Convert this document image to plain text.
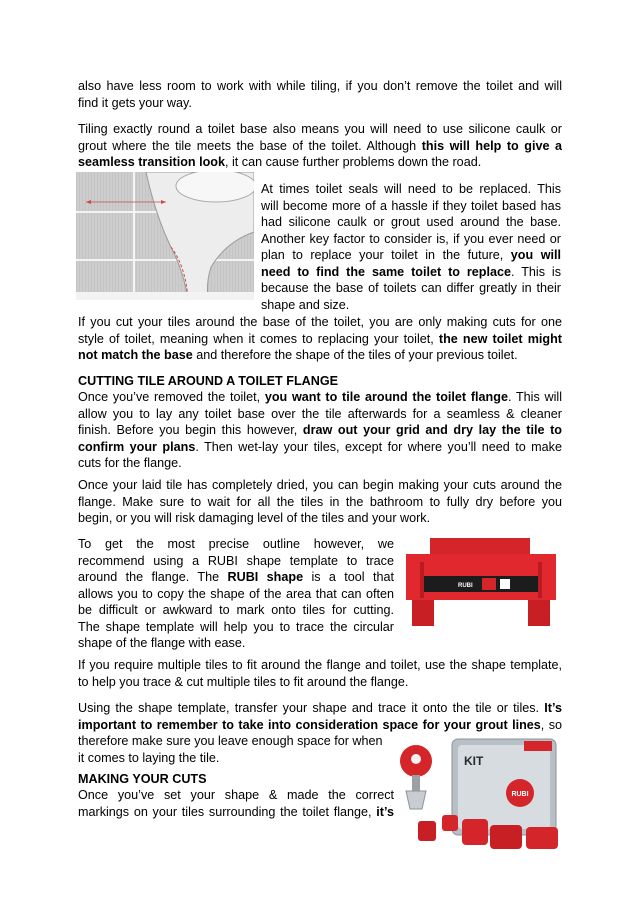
also have less room to work with while tiling, if you don’t remove the toilet and will
find it gets your way.
Tiling exactly round a toilet base also means you will need to use silicone caulk or
grout where the tile meets the base of the toilet. Although this will help to give a
seamless transition look, it can cause further problems down the road.
At times toilet seals will need to be replaced. This
will become more of a hassle if they toilet based has
had silicone caulk or grout used around the base.
Another key factor to consider is, if you ever need or
plan to replace your toilet in the future, you will
need to find the same toilet to replace. This is
because the base of toilets can differ greatly in their
shape and size.
If you cut your tiles around the base of the toilet, you are only making cuts for one
style of toilet, meaning when it comes to replacing your toilet, the new toilet might
not match the base and therefore the shape of the tiles of your previous toilet.
CUTTING TILE AROUND A TOILET FLANGE
Once you’ve removed the toilet, you want to tile around the toilet flange. This will
allow you to lay any toilet base over the tile afterwards for a seamless & cleaner
finish. Before you begin this however, draw out your grid and dry lay the tile to
confirm your plans. Then wet-lay your tiles, except for where you’ll need to make
cuts for the flange.
Once your laid tile has completely dried, you can begin making your cuts around the
flange. Make sure to wait for all the tiles in the bathroom to fully dry before you
begin, or you will risk damaging level of the tiles and your work.
To get the most precise outline however, we
recommend using a RUBI shape template to trace
around the flange. The RUBI shape is a tool that
allows you to copy the shape of the area that can often
be difficult or awkward to mark onto tiles for cutting.
The shape template will help you to trace the circular
shape of the flange with ease.
RUBI
If you require multiple tiles to fit around the flange and toilet, use the shape template,
to help you trace & cut multiple tiles to fit around the flange.
Using the shape template, transfer your shape and trace it onto the tile or tiles. It’s
important to remember to take into consideration space for your grout lines, so
therefore make sure you leave enough space for when
it comes to laying the tile.
MAKING YOUR CUTS
Once you’ve set your shape & made the correct
markings on your tiles surrounding the toilet flange, it’s
KIT
RUBI
